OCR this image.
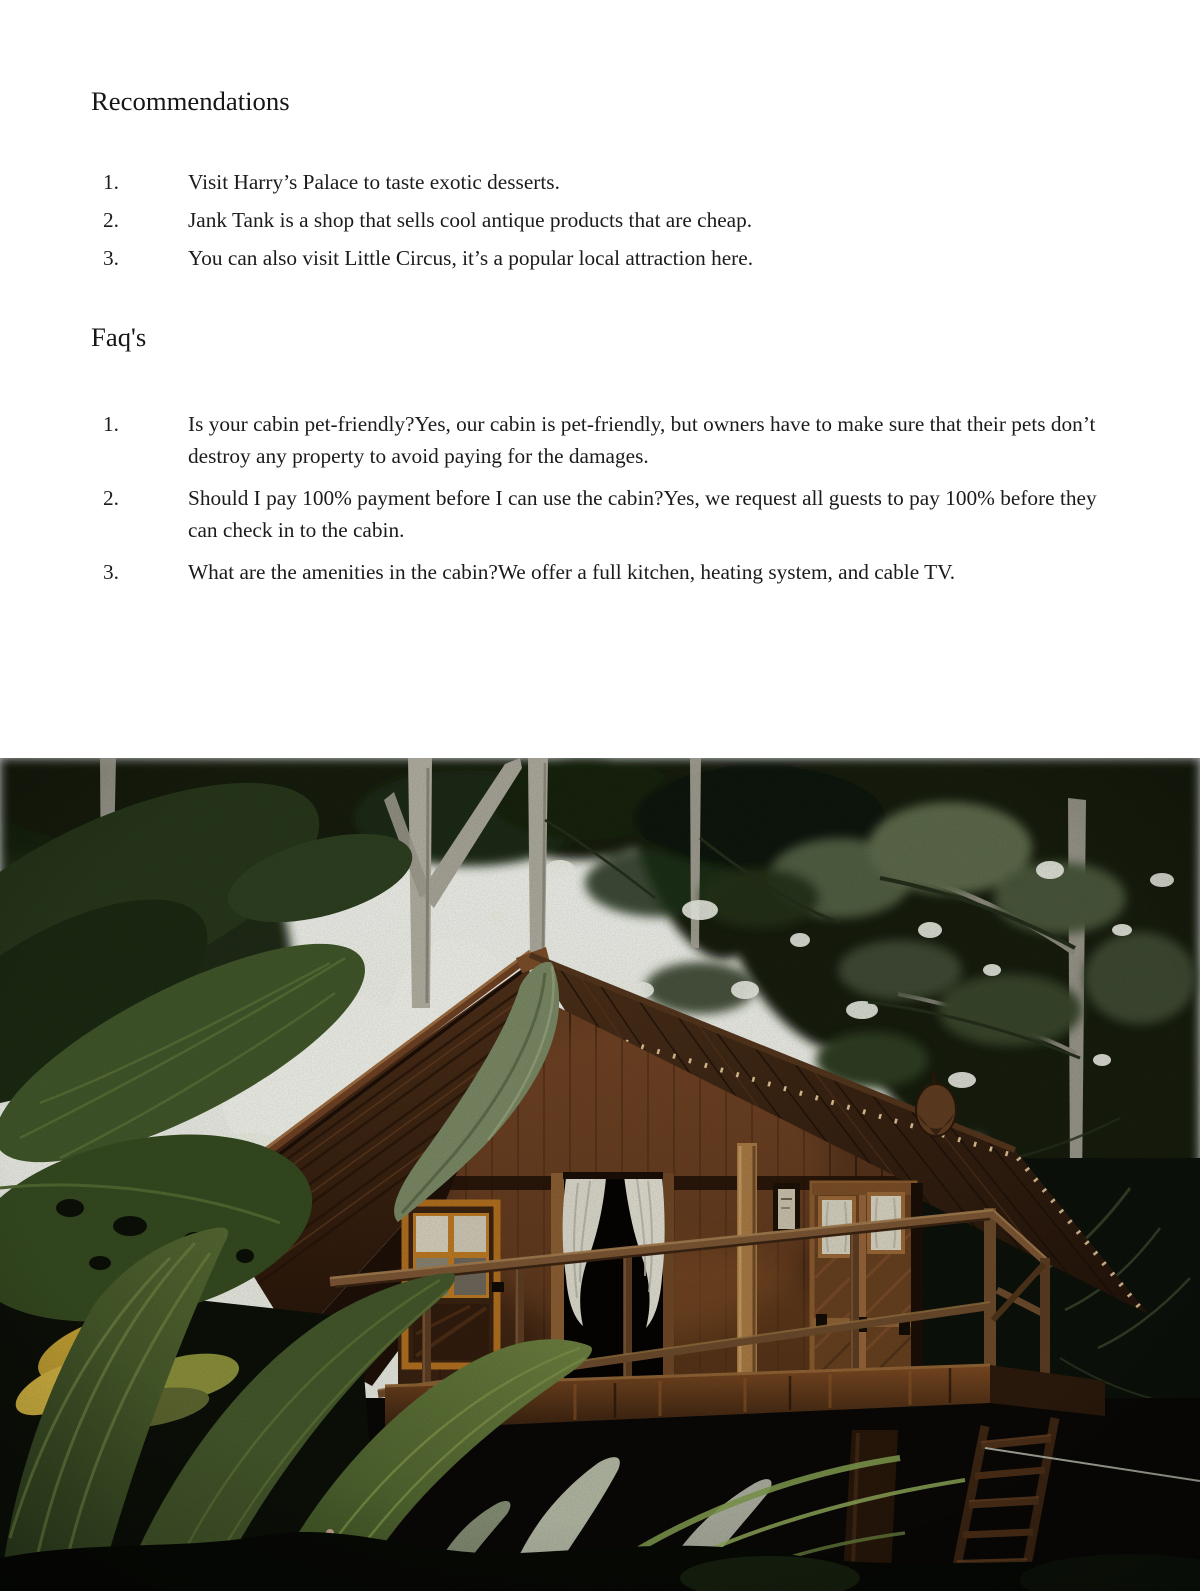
Recommendations
1.	Visit Harry’s Palace to taste exotic desserts.
2.	Jank Tank is a shop that sells cool antique products that are cheap.
3.	You can also visit Little Circus, it’s a popular local attraction here.
Faq's
1.	Is your cabin pet-friendly?Yes, our cabin is pet-friendly, but owners have to make sure that their pets don’t destroy any property to avoid paying for the damages.
2.	Should I pay 100% payment before I can use the cabin?Yes, we request all guests to pay 100% before they can check in to the cabin.
3.	What are the amenities in the cabin?We offer a full kitchen, heating system, and cable TV.
